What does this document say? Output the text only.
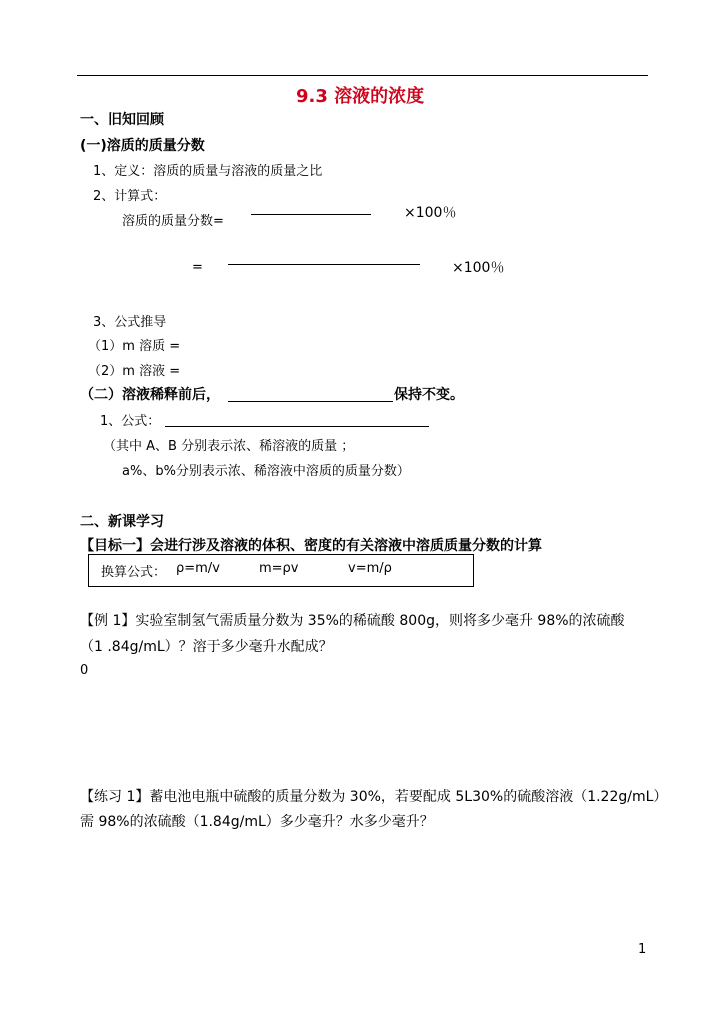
9.3 溶液的浓度
一、旧知回顾
(一)溶质的质量分数
1、定义：溶质的质量与溶液的质量之比
2、计算式：
溶质的质量分数=
×100％
=	×100％
3、公式推导
（1）m 溶质 =
（2）m 溶液 =
（二）溶液稀释前后，	保持不变。
1、公式：
（其中 A、B 分别表示浓、稀溶液的质量 ；
a%、b%分别表示浓、稀溶液中溶质的质量分数）
二、新课学习
【目标一】会进行涉及溶液的体积、密度的有关溶液中溶质质量分数的计算
换算公式： ρ=m/v	m=ρv	v=m/ρ
【例 1】实验室制氢气需质量分数为 35%的稀硫酸 800g，则将多少毫升 98%的浓硫酸
（1 .84g/mL）？溶于多少毫升水配成？
0
【练习 1】蓄电池电瓶中硫酸的质量分数为 30%，若要配成 5L30%的硫酸溶液（1.22g/mL）
需 98%的浓硫酸（1.84g/mL）多少毫升？水多少毫升？
1
